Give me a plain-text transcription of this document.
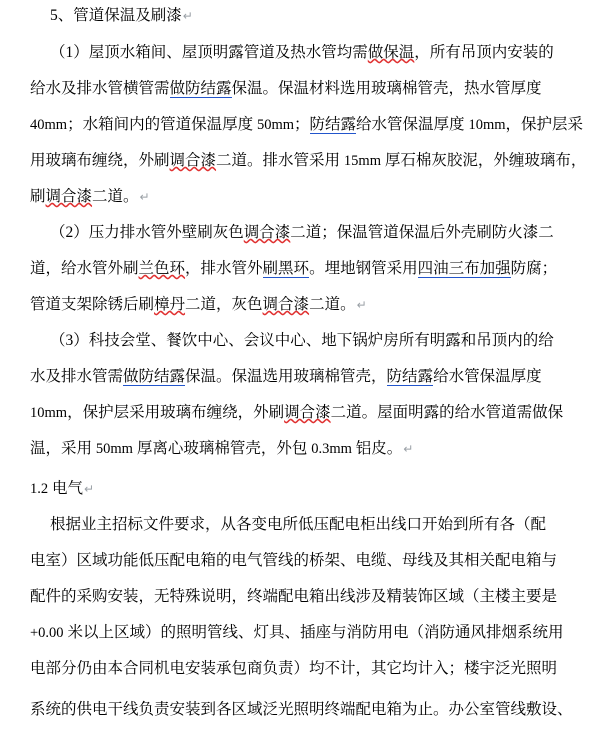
5、管道保温及刷漆↵
（1）屋顶水箱间、屋顶明露管道及热水管均需做保温，所有吊顶内安装的
给水及排水管横管需做防结露保温。保温材料选用玻璃棉管壳，热水管厚度
40mm；水箱间内的管道保温厚度 50mm；防结露给水管保温厚度 10mm，保护层采
用玻璃布缠绕，外刷调合漆二道。排水管采用 15mm 厚石棉灰胶泥，外缠玻璃布，
刷调合漆二道。↵
（2）压力排水管外壁刷灰色调合漆二道；保温管道保温后外壳刷防火漆二
道，给水管外刷兰色环，排水管外刷黑环。埋地钢管采用四油三布加强防腐；
管道支架除锈后刷樟丹二道，灰色调合漆二道。↵
（3）科技会堂、餐饮中心、会议中心、地下锅炉房所有明露和吊顶内的给
水及排水管需做防结露保温。保温选用玻璃棉管壳，防结露给水管保温厚度
10mm，保护层采用玻璃布缠绕，外刷调合漆二道。屋面明露的给水管道需做保
温，采用 50mm 厚离心玻璃棉管壳，外包 0.3mm 铝皮。↵
1.2 电气↵
根据业主招标文件要求，从各变电所低压配电柜出线口开始到所有各（配
电室）区域功能低压配电箱的电气管线的桥架、电缆、母线及其相关配电箱与
配件的采购安装，无特殊说明，终端配电箱出线涉及精装饰区域（主楼主要是
+0.00 米以上区域）的照明管线、灯具、插座与消防用电（消防通风排烟系统用
电部分仍由本合同机电安装承包商负责）均不计，其它均计入；楼宇泛光照明
系统的供电干线负责安装到各区域泛光照明终端配电箱为止。办公室管线敷设、
